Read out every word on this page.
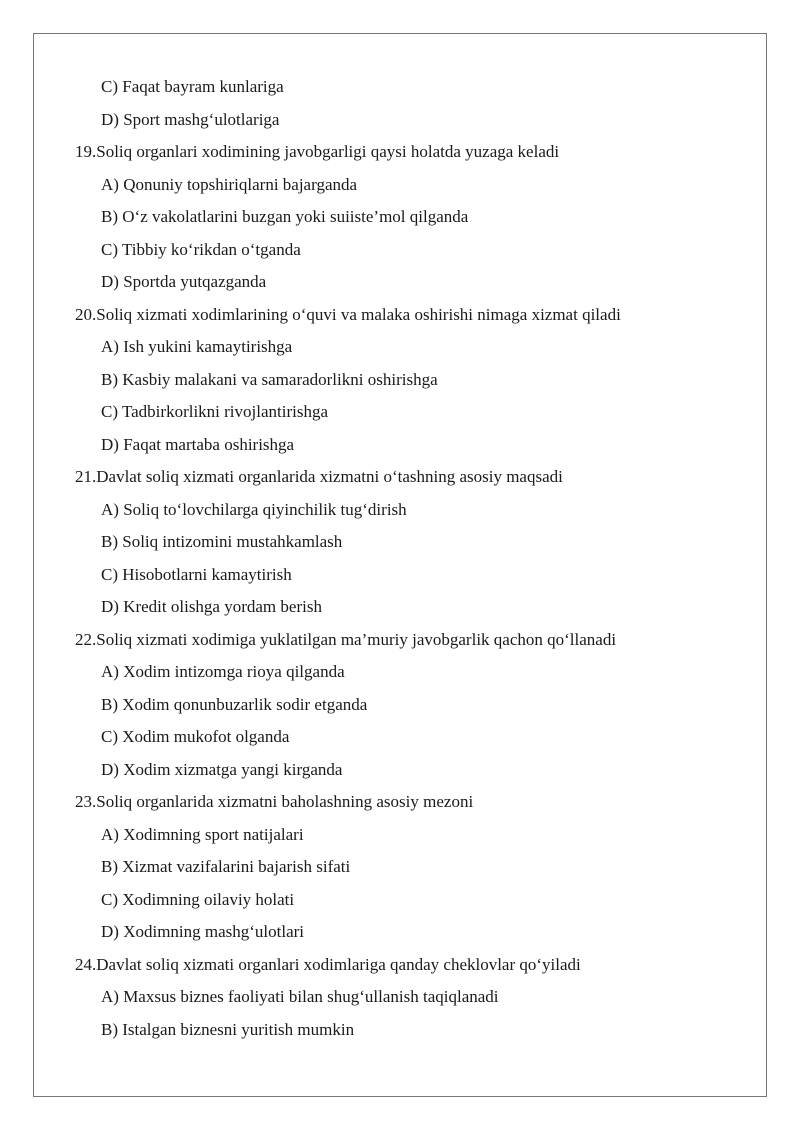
C) Faqat bayram kunlariga
D) Sport mashg‘ulotlariga
19.Soliq organlari xodimining javobgarligi qaysi holatda yuzaga keladi
A) Qonuniy topshiriqlarni bajarganda
B) O‘z vakolatlarini buzgan yoki suiiste’mol qilganda
C) Tibbiy ko‘rikdan o‘tganda
D) Sportda yutqazganda
20.Soliq xizmati xodimlarining o‘quvi va malaka oshirishi nimaga xizmat qiladi
A) Ish yukini kamaytirishga
B) Kasbiy malakani va samaradorlikni oshirishga
C) Tadbirkorlikni rivojlantirishga
D) Faqat martaba oshirishga
21.Davlat soliq xizmati organlarida xizmatni o‘tashning asosiy maqsadi
A) Soliq to‘lovchilarga qiyinchilik tug‘dirish
B) Soliq intizomini mustahkamlash
C) Hisobotlarni kamaytirish
D) Kredit olishga yordam berish
22.Soliq xizmati xodimiga yuklatilgan ma’muriy javobgarlik qachon qo‘llanadi
A) Xodim intizomga rioya qilganda
B) Xodim qonunbuzarlik sodir etganda
C) Xodim mukofot olganda
D) Xodim xizmatga yangi kirganda
23.Soliq organlarida xizmatni baholashning asosiy mezoni
A) Xodimning sport natijalari
B) Xizmat vazifalarini bajarish sifati
C) Xodimning oilaviy holati
D) Xodimning mashg‘ulotlari
24.Davlat soliq xizmati organlari xodimlariga qanday cheklovlar qo‘yiladi
A) Maxsus biznes faoliyati bilan shug‘ullanish taqiqlanadi
B) Istalgan biznesni yuritish mumkin
